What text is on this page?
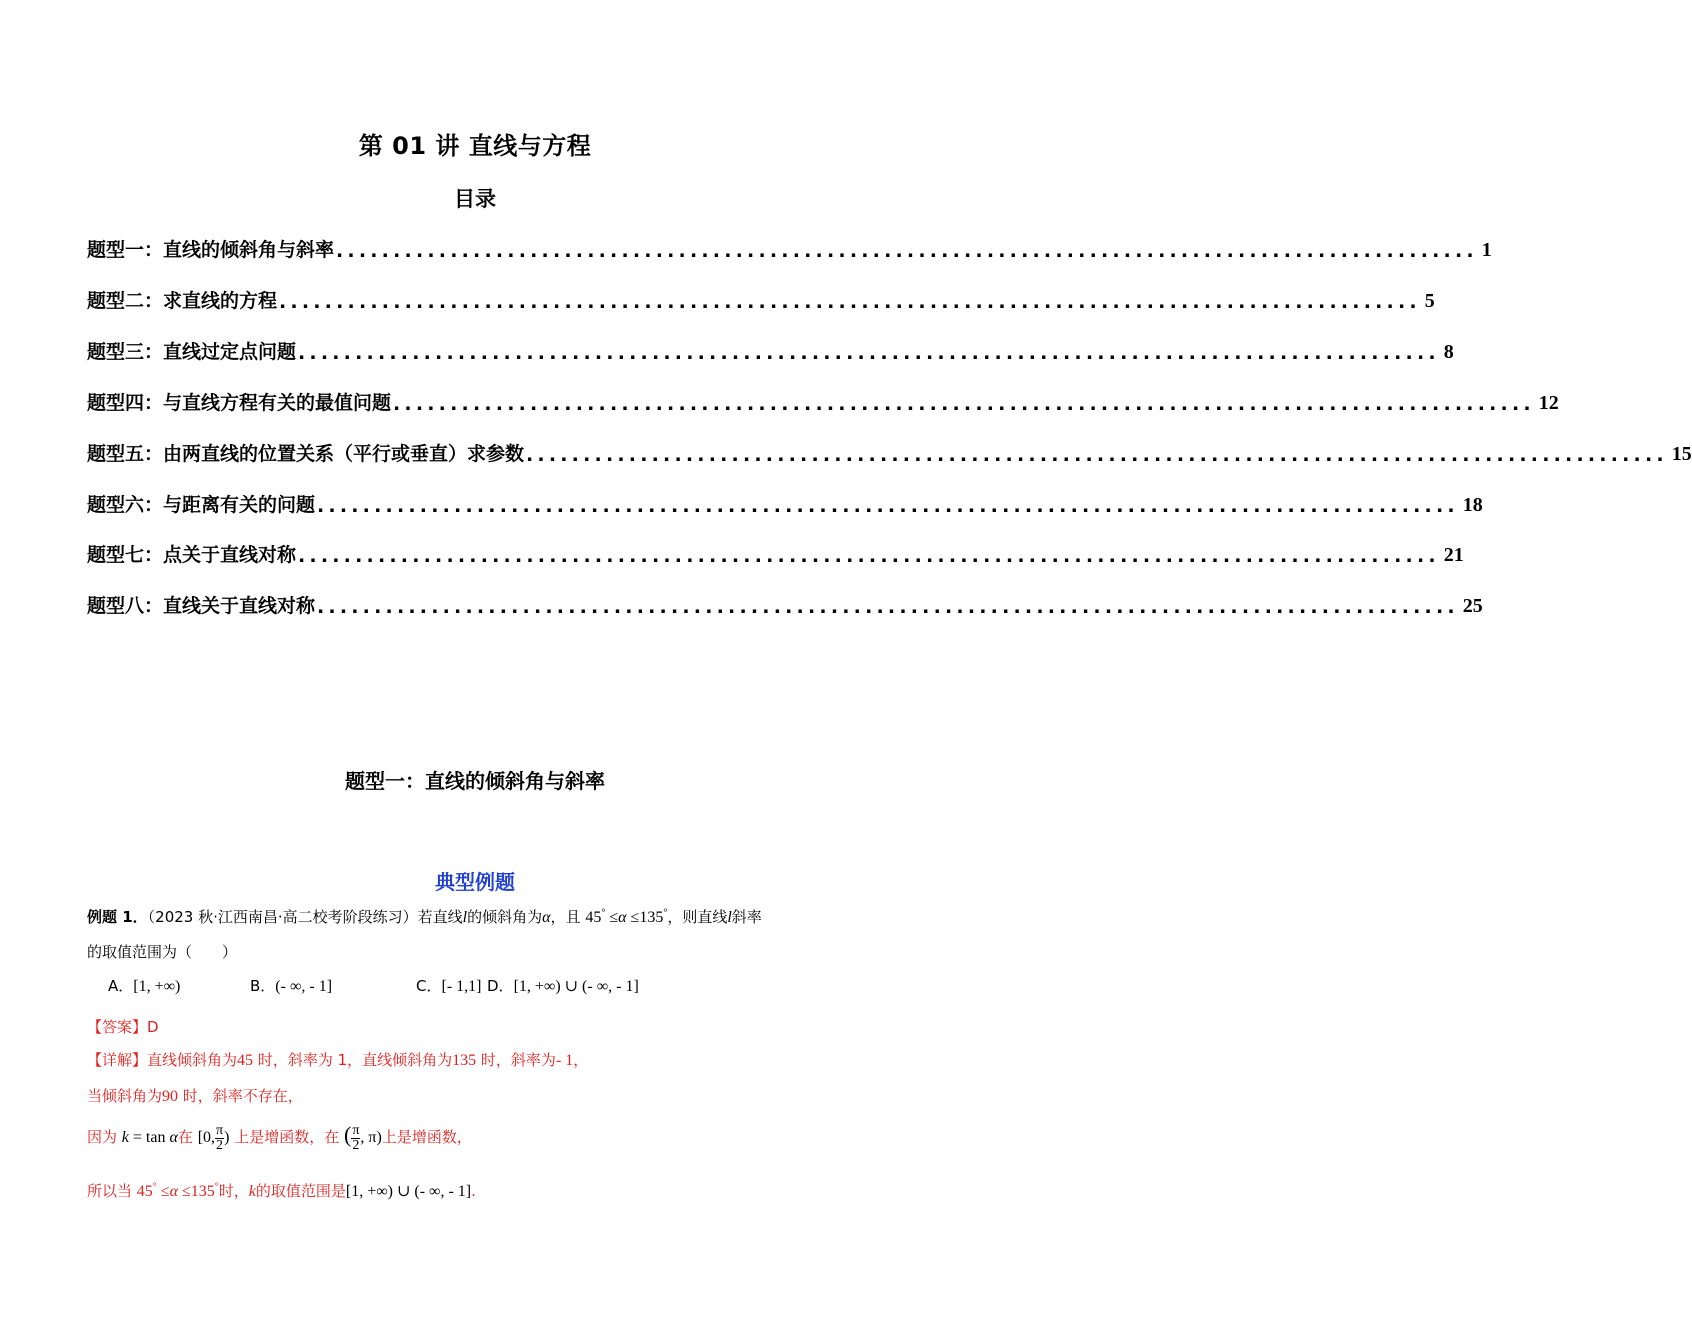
第 01 讲 直线与方程
目录
题型一：直线的倾斜角与斜率 .................................................................................................... 1
题型二：求直线的方程 .................................................................................................... 5
题型三：直线过定点问题 .................................................................................................... 8
题型四：与直线方程有关的最值问题 .................................................................................................... 12
题型五：由两直线的位置关系（平行或垂直）求参数 .................................................................................................... 15
题型六：与距离有关的问题 .................................................................................................... 18
题型七：点关于直线对称 .................................................................................................... 21
题型八：直线关于直线对称 .................................................................................................... 25
题型一：直线的倾斜角与斜率
典型例题
例题 1．（2023 秋·江西南昌·高二校考阶段练习）若直线l的倾斜角为α，且 45° ≤α ≤135°，则直线l斜率
的取值范围为（　　）
A．[1, +∞)	B．(- ∞, - 1]	C．[- 1,1] D．[1, +∞) ∪ (- ∞, - 1]
【答案】D
【详解】直线倾斜角为45 时，斜率为 1，直线倾斜角为135 时，斜率为- 1，
当倾斜角为90 时，斜率不存在，
因为 k = tan α在 [0, $\frac{\pi}{2}$ ) 上是增函数，在 ( $\frac{\pi}{2}$ , π)上是增函数，
所以当 45° ≤α ≤135°时，k的取值范围是[1, +∞) ∪ (- ∞, - 1].
